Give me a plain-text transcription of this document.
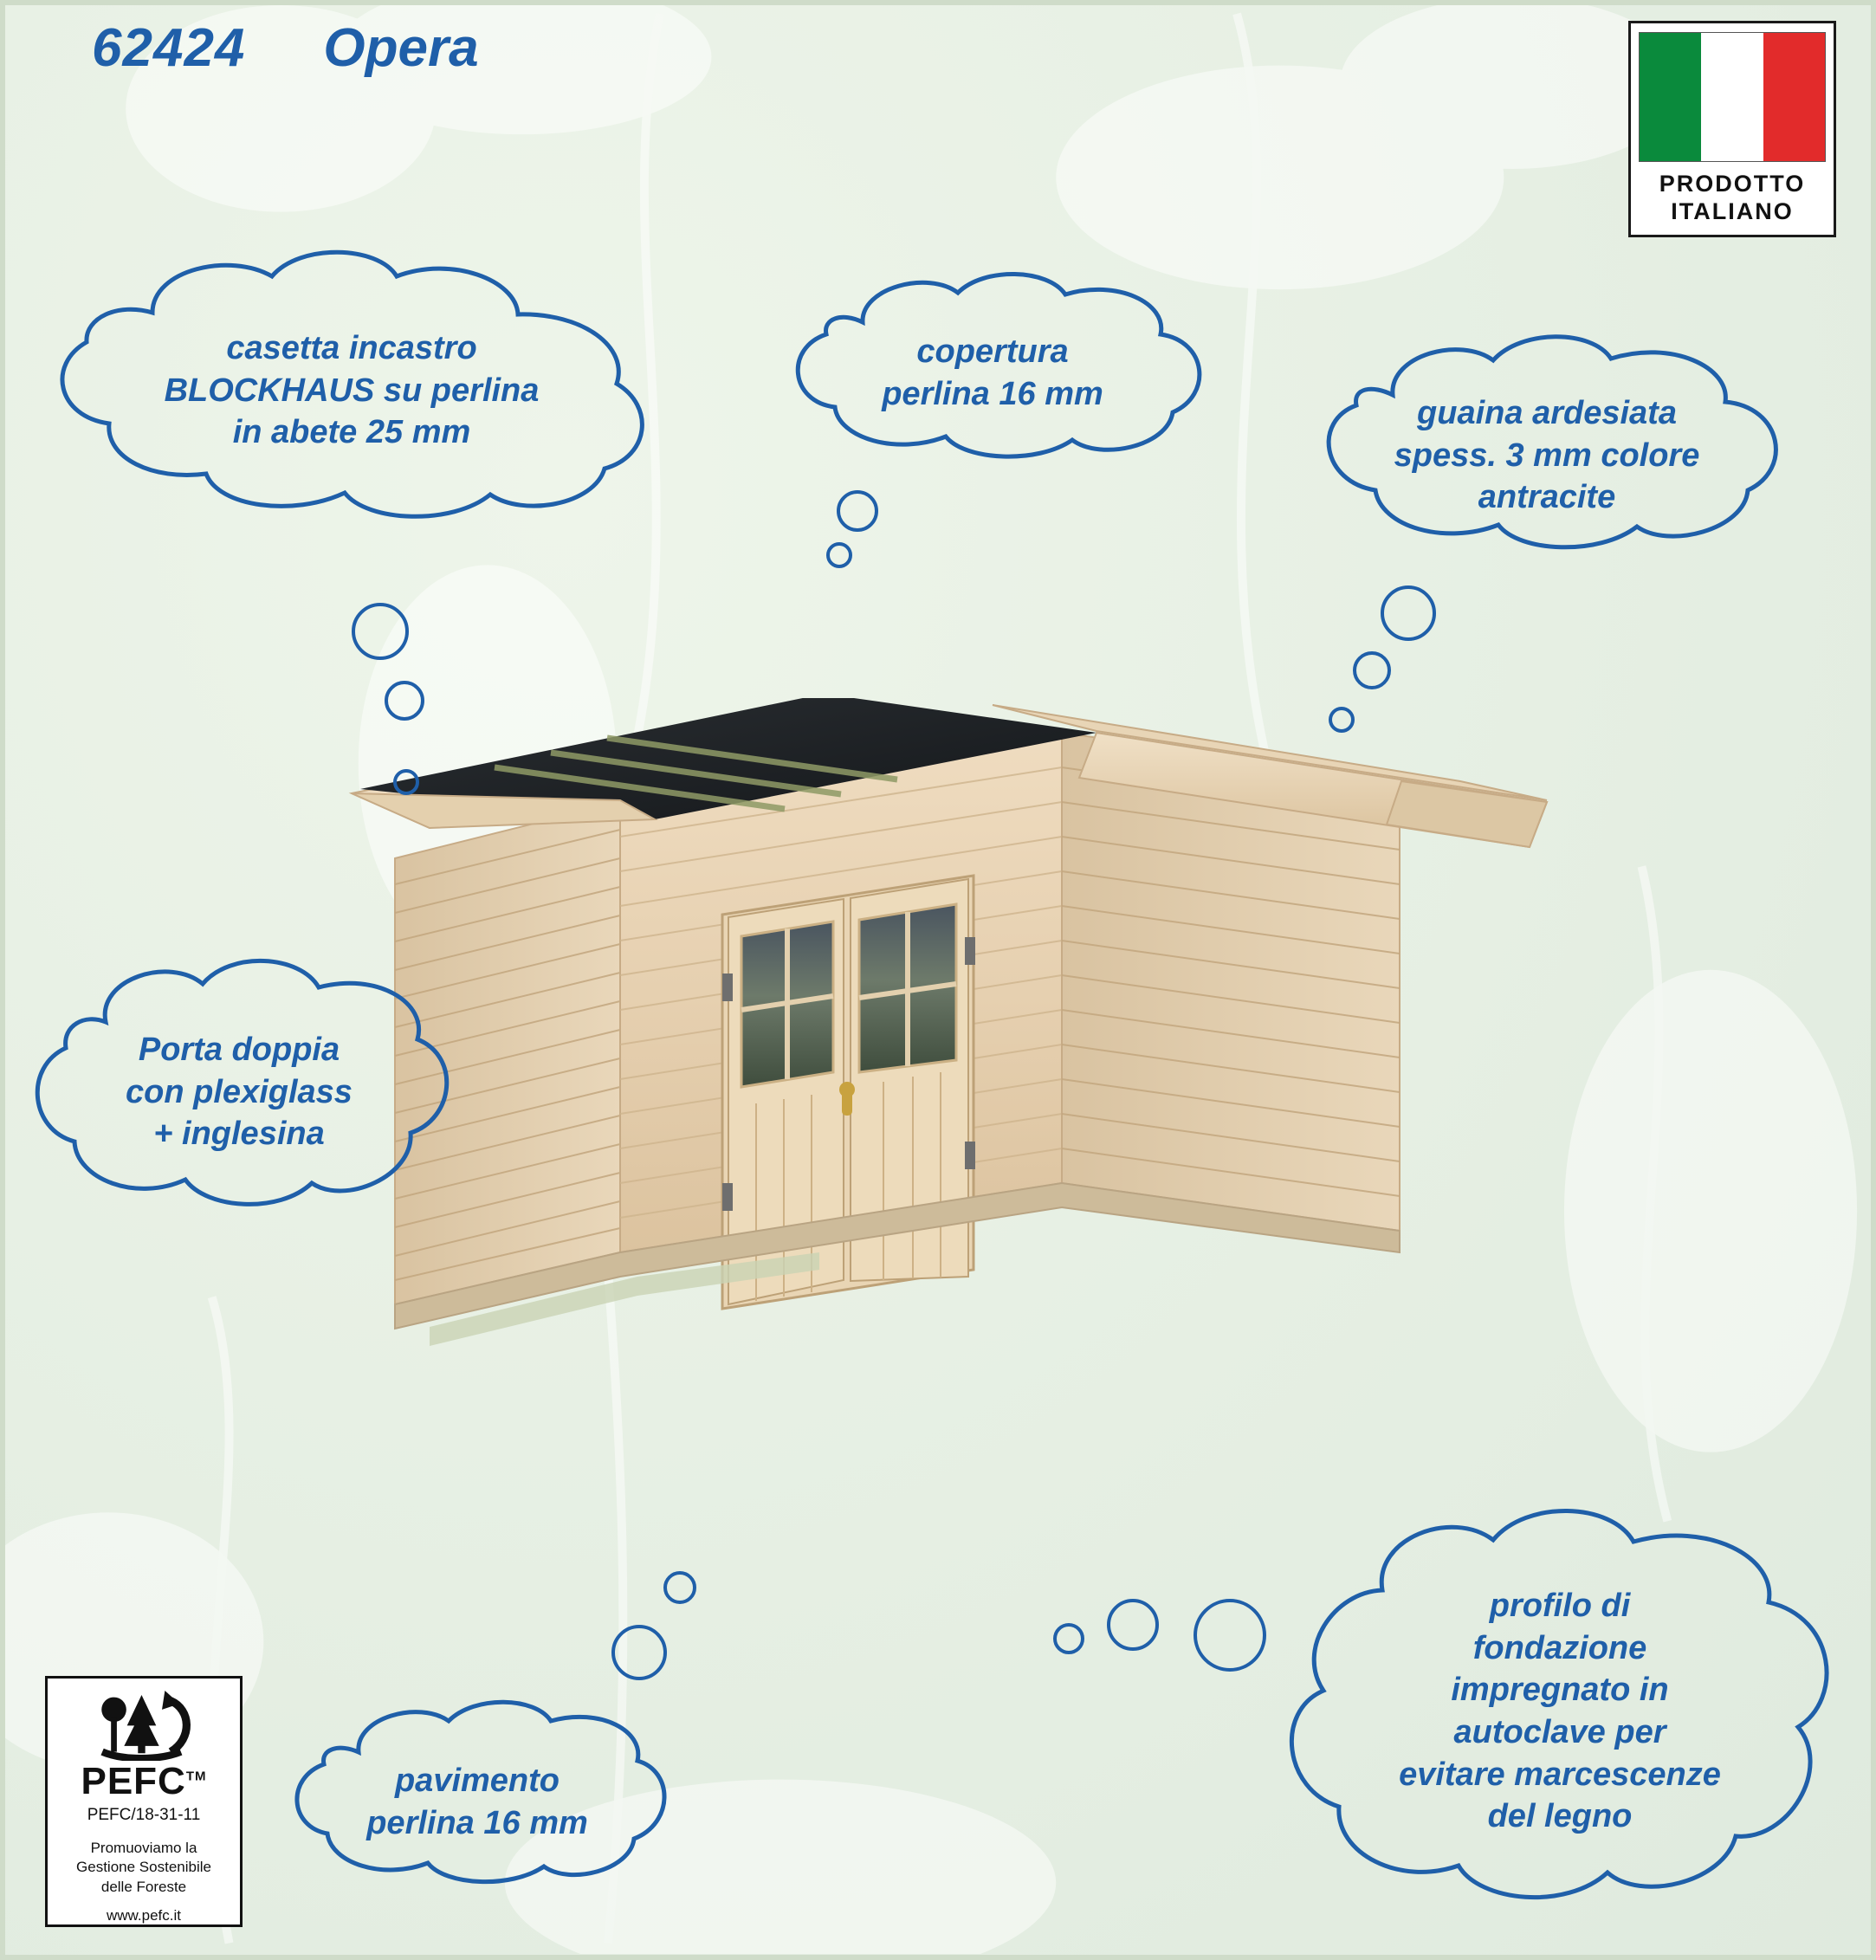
62424 Opera
PRODOTTO
ITALIANO
casetta incastro
BLOCKHAUS su perlina
in abete 25 mm
copertura
perlina 16 mm
guaina ardesiata
spess. 3 mm colore
antracite
Porta doppia
con plexiglass
+ inglesina
pavimento
perlina 16 mm
profilo di
fondazione
impregnato in
autoclave per
evitare marcescenze
del legno
PEFC™
PEFC/18-31-11
Promuoviamo la
Gestione Sostenibile
delle Foreste
www.pefc.it
